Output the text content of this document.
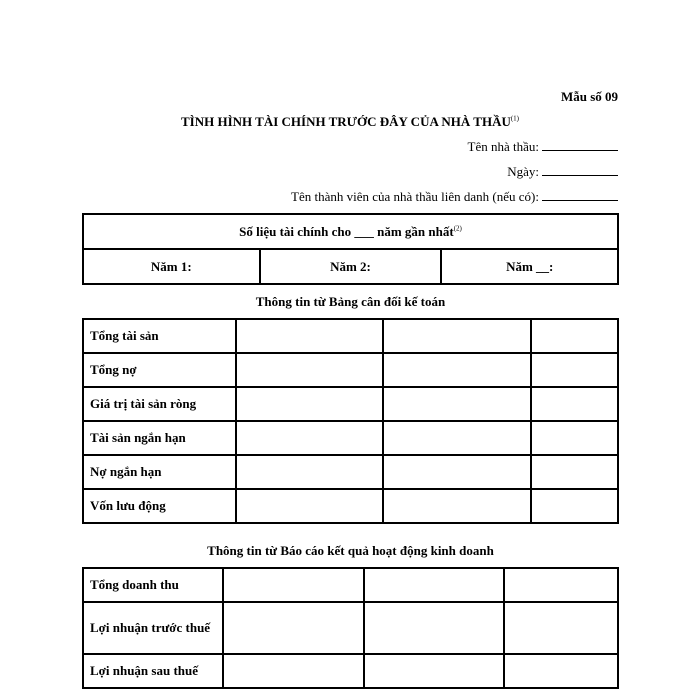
Mẫu số 09
TÌNH HÌNH TÀI CHÍNH TRƯỚC ĐÂY CỦA NHÀ THẦU$^{(1)}$
Tên nhà thầu:
Ngày:
Tên thành viên của nhà thầu liên danh (nếu có):
Số liệu tài chính cho ___ năm gần nhất$^{(2)}$
Năm 1:	Năm 2:	Năm __:
Thông tin từ Bảng cân đối kế toán
Tổng tài sản			
Tổng nợ			
Giá trị tài sản ròng			
Tài sản ngắn hạn			
Nợ ngắn hạn			
Vốn lưu động			
Thông tin từ Báo cáo kết quả hoạt động kinh doanh
Tổng doanh thu			
Lợi nhuận trước thuế			
Lợi nhuận sau thuế			
